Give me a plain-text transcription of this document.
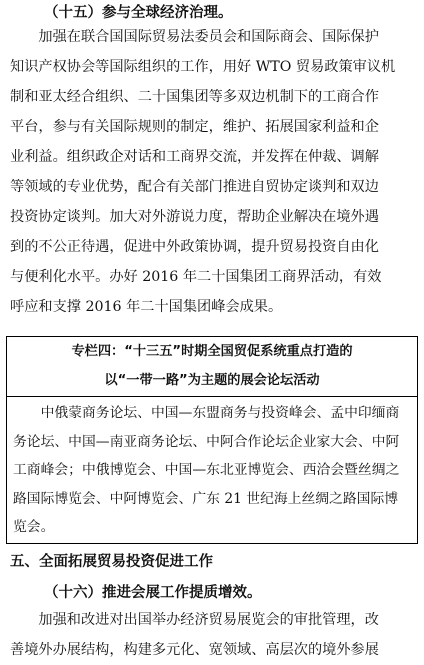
（十五）参与全球经济治理。
　　加强在联合国国际贸易法委员会和国际商会、国际保护
知识产权协会等国际组织的工作，用好 WTO 贸易政策审议机
制和亚太经合组织、二十国集团等多双边机制下的工商合作
平台，参与有关国际规则的制定，维护、拓展国家利益和企
业利益。组织政企对话和工商界交流，并发挥在仲裁、调解
等领域的专业优势，配合有关部门推进自贸协定谈判和双边
投资协定谈判。加大对外游说力度，帮助企业解决在境外遇
到的不公正待遇，促进中外政策协调，提升贸易投资自由化
与便利化水平。办好 2016 年二十国集团工商界活动，有效
呼应和支撑 2016 年二十国集团峰会成果。
专栏四：“十三五”时期全国贸促系统重点打造的
以“一带一路”为主题的展会论坛活动
　　中俄蒙商务论坛、中国—东盟商务与投资峰会、孟中印缅商
务论坛、中国—南亚商务论坛、中阿合作论坛企业家大会、中阿
工商峰会；中俄博览会、中国—东北亚博览会、西洽会暨丝绸之
路国际博览会、中阿博览会、广东 21 世纪海上丝绸之路国际博
览会。
五、全面拓展贸易投资促进工作
（十六）推进会展工作提质增效。
　　加强和改进对出国举办经济贸易展览会的审批管理，改
善境外办展结构，构建多元化、宽领域、高层次的境外参展
